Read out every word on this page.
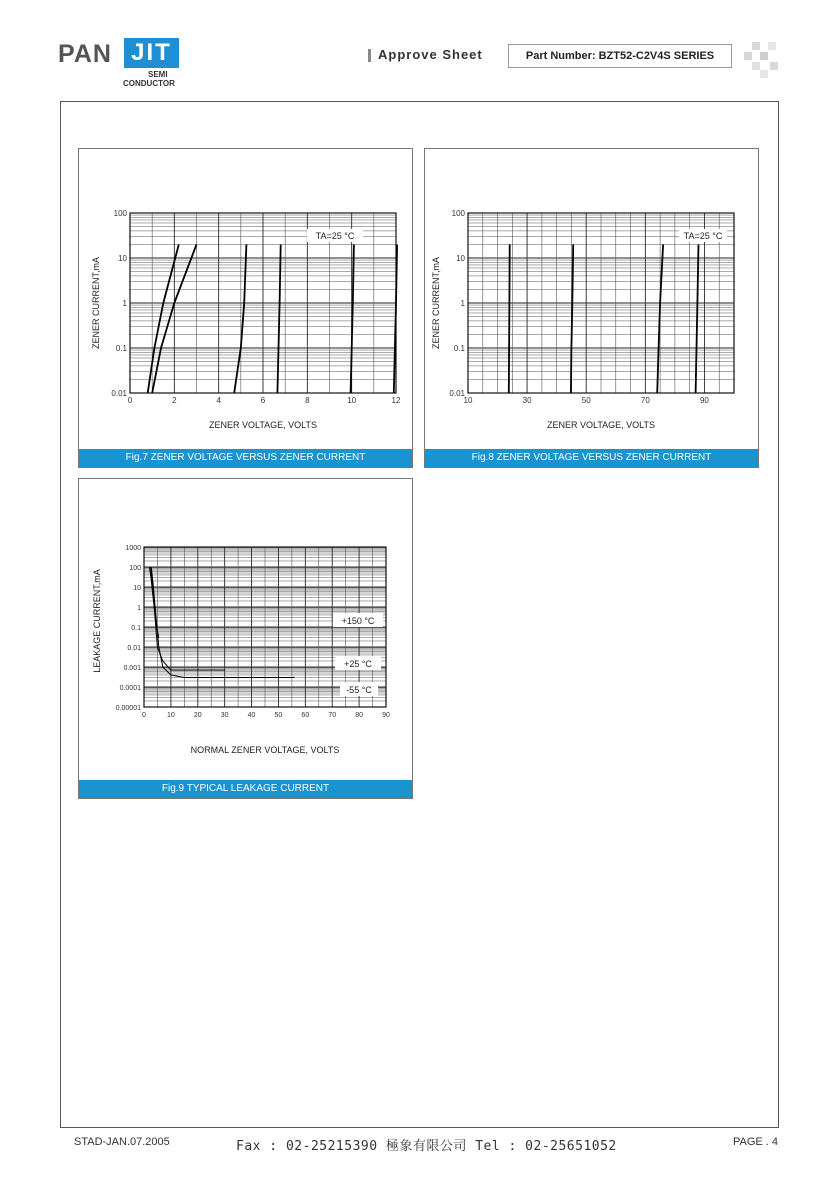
PAN JIT
SEMI
CONDUCTOR
Approve Sheet	Part Number: BZT52-C2V4S SERIES
0.01
0.1
1
10
100
0	2	4	6	8	10	12
TA=25 °C
ZENER VOLTAGE, VOLTS
ZENER CURRENT,mA
Fig.7 ZENER VOLTAGE VERSUS ZENER CURRENT
0.01
0.1
1
10
100
10	30	50	70	90
TA=25 °C
ZENER VOLTAGE, VOLTS
ZENER CURRENT,mA
Fig.8 ZENER VOLTAGE VERSUS ZENER CURRENT
0.00001
0.0001
0.001
0.01
0.1
1
10
100
1000
0	10	20	30	40	50	60	70	80	90
+150 °C
+25 °C
-55 °C
NORMAL ZENER VOLTAGE, VOLTS
LEAKAGE CURRENT,mA
Fig.9 TYPICAL LEAKAGE CURRENT
STAD-JAN.07.2005	Fax : 02-25215390 極象有限公司 Tel : 02-25651052	PAGE . 4
